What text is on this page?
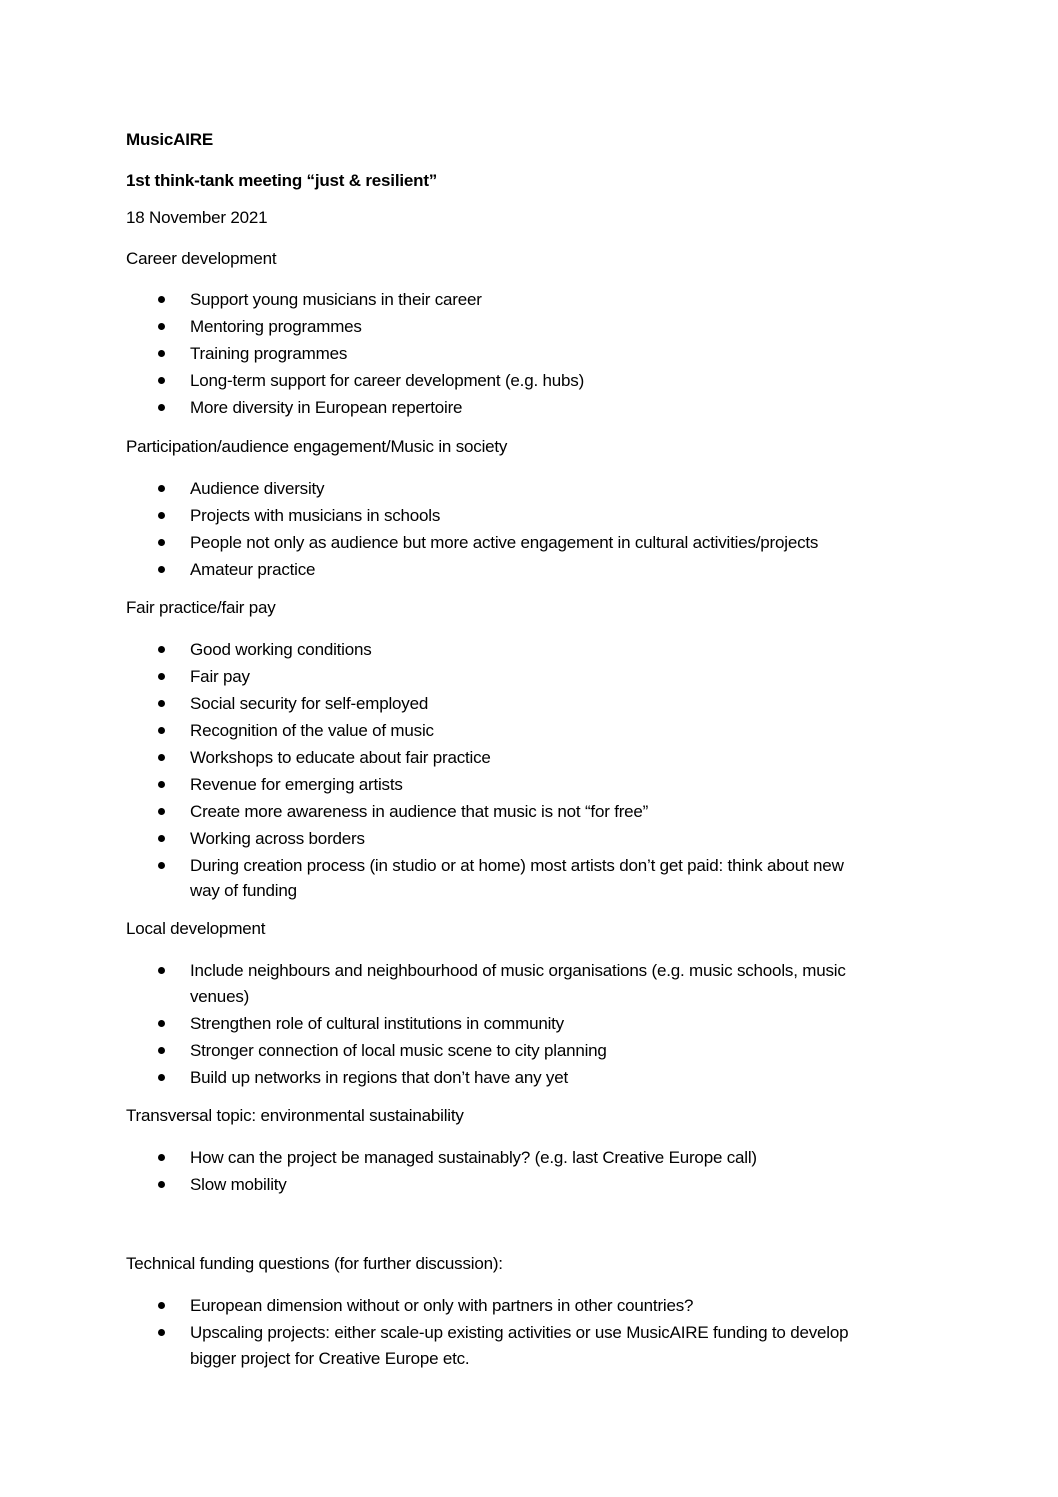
MusicAIRE
1st think-tank meeting “just & resilient”
18 November 2021
Career development
Support young musicians in their career
Mentoring programmes
Training programmes
Long-term support for career development (e.g. hubs)
More diversity in European repertoire
Participation/audience engagement/Music in society
Audience diversity
Projects with musicians in schools
People not only as audience but more active engagement in cultural activities/projects
Amateur practice
Fair practice/fair pay
Good working conditions
Fair pay
Social security for self-employed
Recognition of the value of music
Workshops to educate about fair practice
Revenue for emerging artists
Create more awareness in audience that music is not “for free”
Working across borders
During creation process (in studio or at home) most artists don’t get paid: think about new
way of funding
Local development
Include neighbours and neighbourhood of music organisations (e.g. music schools, music
venues)
Strengthen role of cultural institutions in community
Stronger connection of local music scene to city planning
Build up networks in regions that don’t have any yet
Transversal topic: environmental sustainability
How can the project be managed sustainably? (e.g. last Creative Europe call)
Slow mobility
Technical funding questions (for further discussion):
European dimension without or only with partners in other countries?
Upscaling projects: either scale-up existing activities or use MusicAIRE funding to develop
bigger project for Creative Europe etc.
